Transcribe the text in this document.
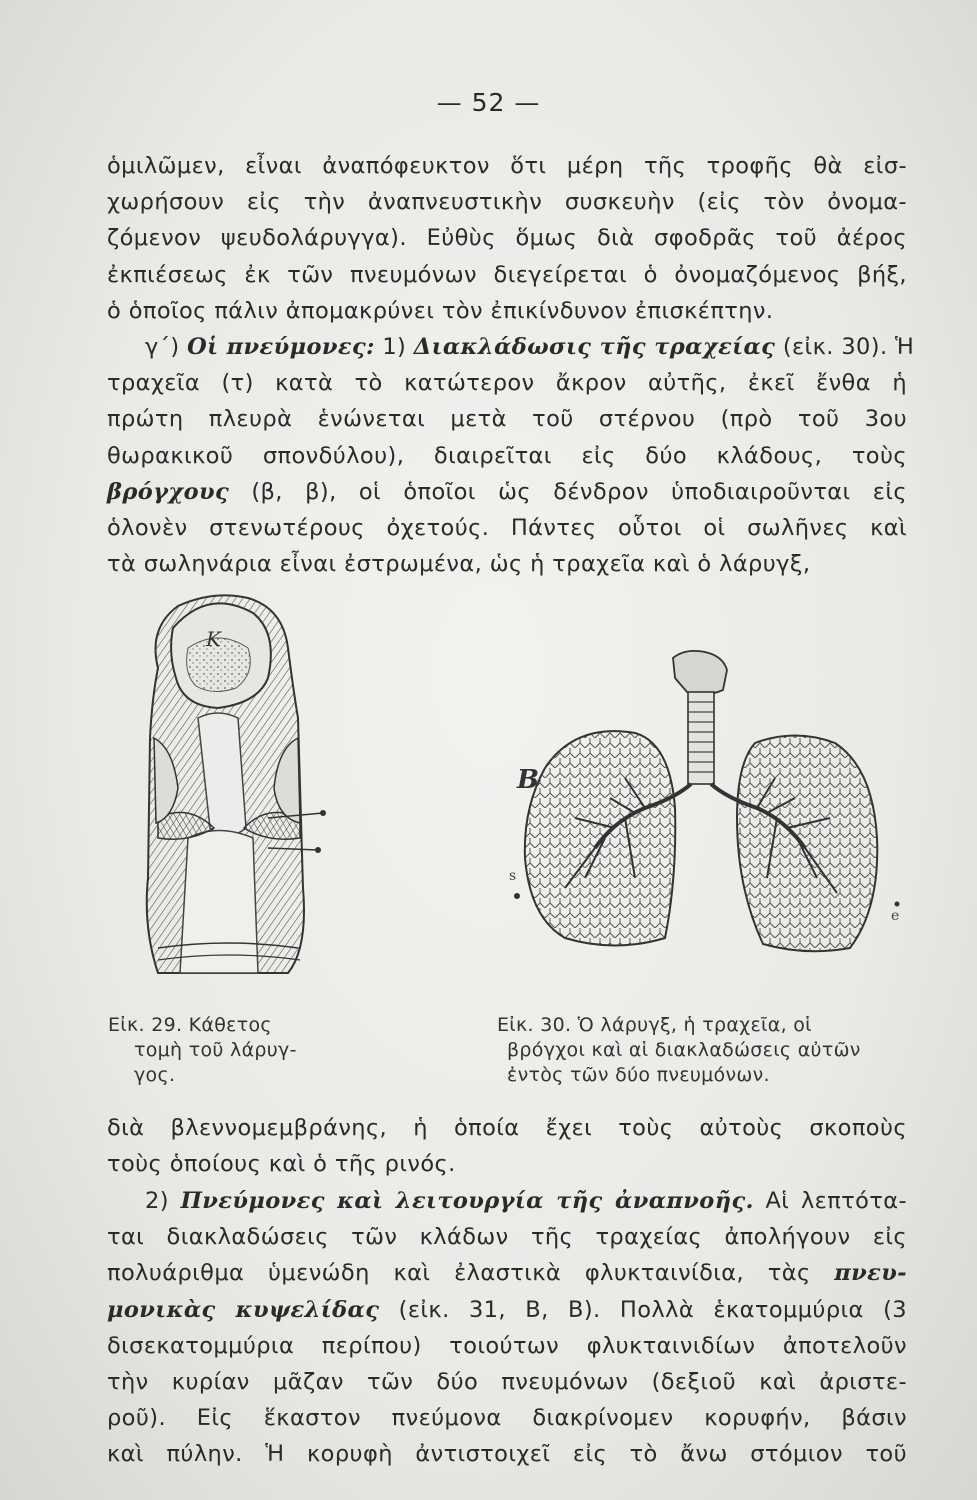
— 52 —
ὁμιλῶμεν, εἶναι ἀναπόφευκτον ὅτι μέρη τῆς τροφῆς θὰ εἰσ-
χωρήσουν εἰς τὴν ἀναπνευστικὴν συσκευὴν (εἰς τὸν ὀνομα-
ζόμενον ψευδολάρυγγα). Εὐθὺς ὅμως διὰ σφοδρᾶς τοῦ ἀέρος
ἐκπιέσεως ἐκ τῶν πνευμόνων διεγείρεται ὁ ὀνομαζόμενος βήξ,
ὁ ὁποῖος πάλιν ἀπομακρύνει τὸν ἐπικίνδυνον ἐπισκέπτην.
γ΄) Οἱ πνεύμονες: 1) Διακλάδωσις τῆς τραχείας (εἰκ. 30). Ἡ
τραχεῖα (τ) κατὰ τὸ κατώτερον ἄκρον αὐτῆς, ἐκεῖ ἔνθα ἡ
πρώτη πλευρὰ ἑνώνεται μετὰ τοῦ στέρνου (πρὸ τοῦ 3ου
θωρακικοῦ σπονδύλου), διαιρεῖται εἰς δύο κλάδους, τοὺς
βρόγχους (β, β), οἱ ὁποῖοι ὡς δένδρον ὑποδιαιροῦνται εἰς
ὁλονὲν στενωτέρους ὀχετούς. Πάντες οὗτοι οἱ σωλῆνες καὶ
τὰ σωληνάρια εἶναι ἐστρωμένα, ὡς ἡ τραχεῖα καὶ ὁ λάρυγξ,
Κ
Β
s
e
Εἰκ. 29. Κάθετος
τομὴ τοῦ λάρυγ-
γος.
Εἰκ. 30. Ὁ λάρυγξ, ἡ τραχεῖα, οἱ
βρόγχοι καὶ αἱ διακλαδώσεις αὐτῶν
ἐντὸς τῶν δύο πνευμόνων.
διὰ βλεννομεμβράνης, ἡ ὁποία ἔχει τοὺς αὐτοὺς σκοποὺς
τοὺς ὁποίους καὶ ὁ τῆς ρινός.
2) Πνεύμονες καὶ λειτουργία τῆς ἀναπνοῆς. Αἱ λεπτότα-
ται διακλαδώσεις τῶν κλάδων τῆς τραχείας ἀπολήγουν εἰς
πολυάριθμα ὑμενώδη καὶ ἐλαστικὰ φλυκταινίδια, τὰς πνευ-
μονικὰς κυψελίδας (εἰκ. 31, Β, Β). Πολλὰ ἑκατομμύρια (3
δισεκατομμύρια περίπου) τοιούτων φλυκταινιδίων ἀποτελοῦν
τὴν κυρίαν μᾶζαν τῶν δύο πνευμόνων (δεξιοῦ καὶ ἀριστε-
ροῦ). Εἰς ἕκαστον πνεύμονα διακρίνομεν κορυφήν, βάσιν
καὶ πύλην. Ἡ κορυφὴ ἀντιστοιχεῖ εἰς τὸ ἄνω στόμιον τοῦ
